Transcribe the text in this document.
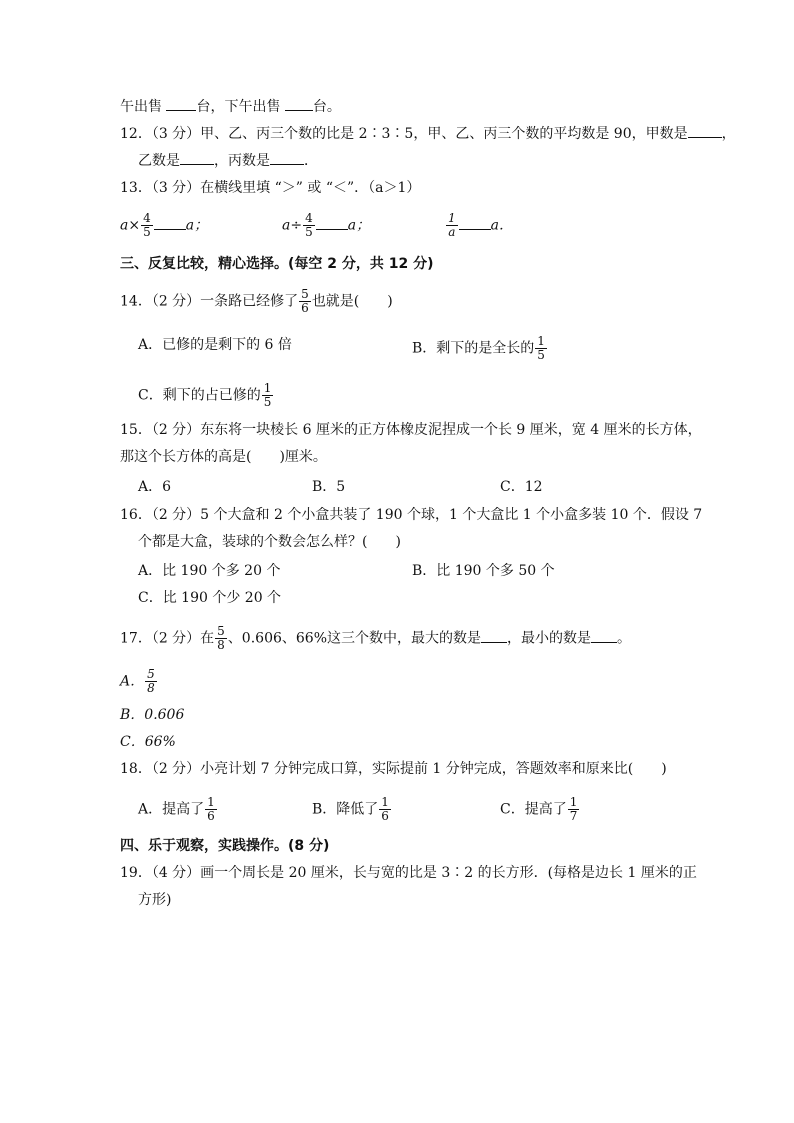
午出售 台，下午出售 台。
12．（3 分）甲、乙、丙三个数的比是 2∶3∶5，甲、乙、丙三个数的平均数是 90，甲数是 ，
乙数是 ，丙数是 ．
13．（3 分）在横线里填 “＞” 或 “＜”．（a＞1）
$a\times \frac{4}{5}$ a；	$a\div \frac{4}{5}$ a；	$\frac{1}{a}$ a．
三、反复比较，精心选择。(每空 2 分，共 12 分)
14．（2 分）一条路已经修了 $\frac{5}{6}$ 也就是(　　)
A．已修的是剩下的 6 倍	B．剩下的是全长的 $\frac{1}{5}$
C．剩下的占已修的 $\frac{1}{5}$
15．（2 分）东东将一块棱长 6 厘米的正方体橡皮泥捏成一个长 9 厘米，宽 4 厘米的长方体，
那这个长方体的高是(　　)厘米。
A．6	B．5	C．12
16．（2 分）5 个大盒和 2 个小盒共装了 190 个球，1 个大盒比 1 个小盒多装 10 个．假设 7
个都是大盒，装球的个数会怎么样？(　　)
A．比 190 个多 20 个	B．比 190 个多 50 个
C．比 190 个少 20 个
17．（2 分）在 $\frac{5}{8}$ 、0.606、66%这三个数中，最大的数是 ，最小的数是 。
A． $\frac{5}{8}$
B．0.606
C．66%
18．（2 分）小亮计划 7 分钟完成口算，实际提前 1 分钟完成，答题效率和原来比(　　)
A．提高了 $\frac{1}{6}$	B．降低了 $\frac{1}{6}$	C．提高了 $\frac{1}{7}$
四、乐于观察，实践操作。(8 分)
19．（4 分）画一个周长是 20 厘米，长与宽的比是 3∶2 的长方形．(每格是边长 1 厘米的正
方形)
